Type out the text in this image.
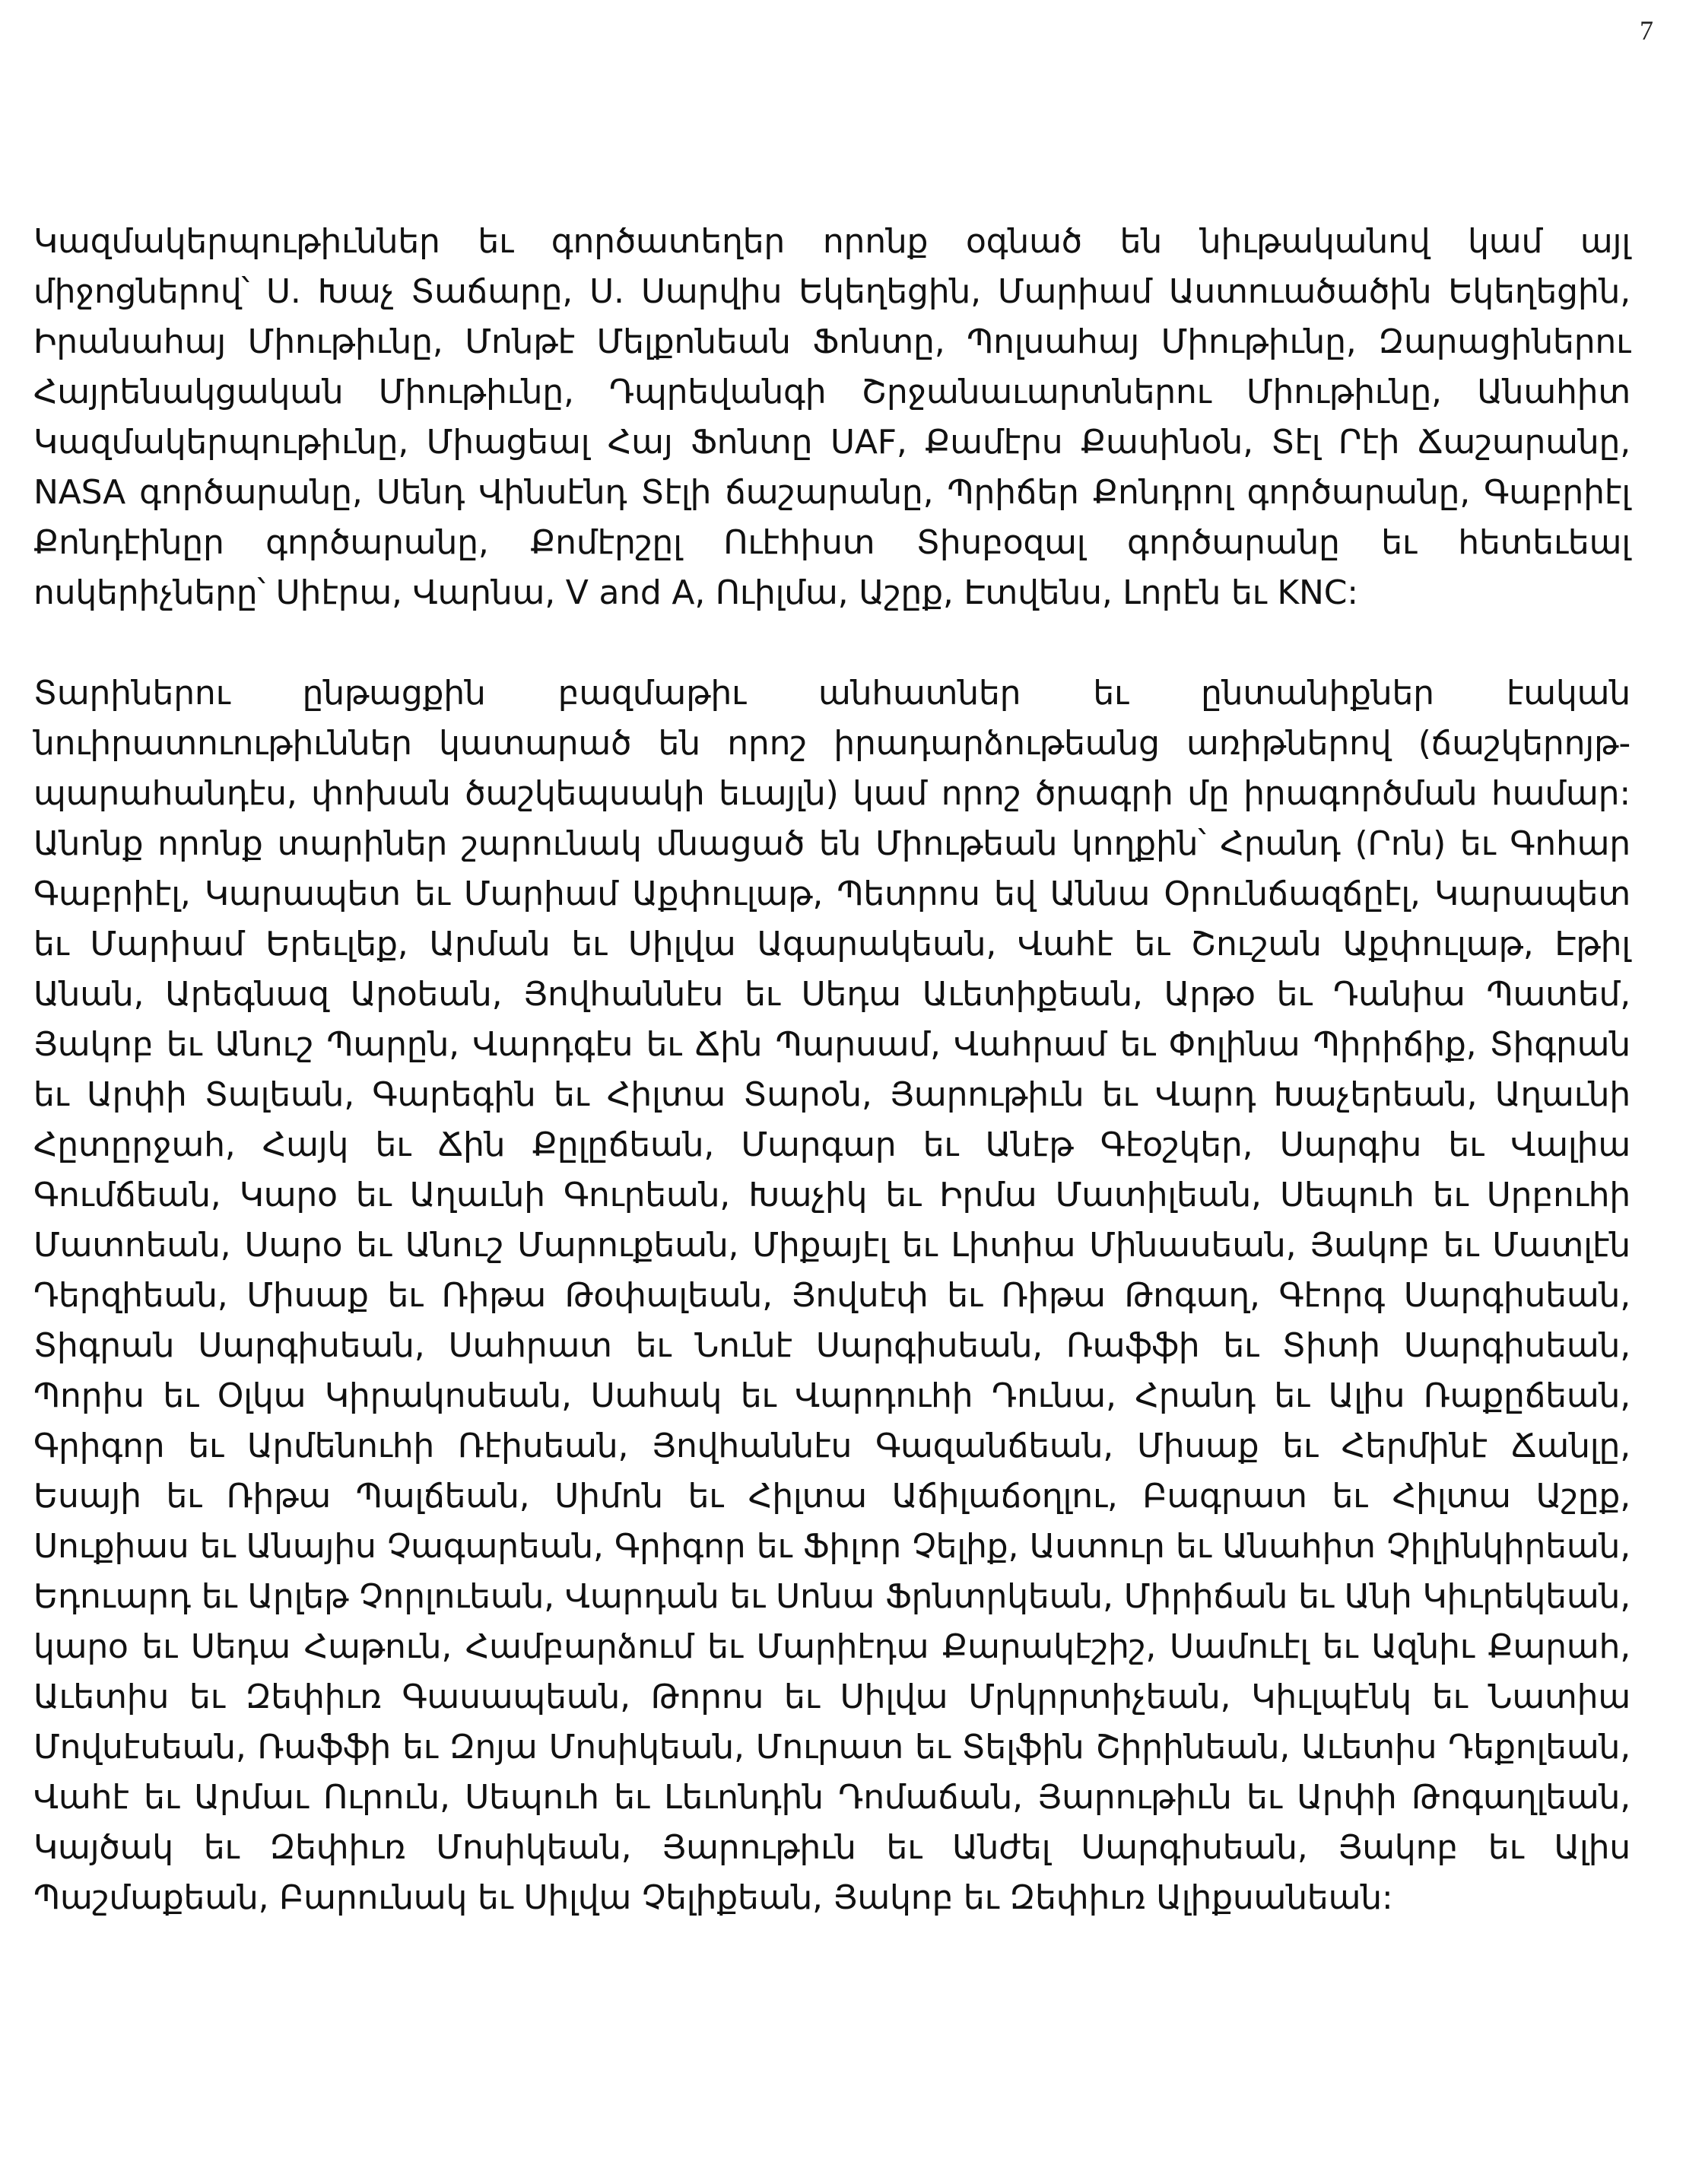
7

Կազմակերպութիւններ եւ գործատեղեր որոնք օգնած են նիւթականով կամ այլ միջոցներով՝ Ս. Խաչ Տաճարը, Ս. Սարվիս Եկեղեցին, Մարիամ Աստուածածին Եկեղեցին, Իրանահայ Միութիւնը, Մոնթէ Մելքոնեան Ֆոնտը, Պոլսահայ Միութիւնը, Զարացիներու Հայրենակցական Միութիւնը, Դպրեվանգի Շրջանաւարտներու Միութիւնը, Անահիտ Կազմակերպութիւնը, Միացեալ Հայ Ֆոնտը UAF, Քամէրս Քասինօն, Տէլ Րէի Ճաշարանը, NASA գործարանը, Սենդ Վինսէնդ Տէլի ճաշարանը, Պրիճեր Քոնդրոլ գործարանը, Գաբրիէլ Քոնդէինըր գործարանը, Քոմէրշըլ Ուէհիստ Տիսբօզալ գործարանը եւ հետեւեալ ոսկերիչները՝ Սիէրա, Վարնա, V and A, Ուիլմա, Աշըք, Էտվենս, Լորէն եւ KNC:

Տարիներու ընթացքին բազմաթիւ անհատներ եւ ընտանիքներ էական նուիրատուութիւններ կատարած են որոշ իրադարձութեանց առիթներով (ճաշկերոյթ-պարահանդէս, փոխան ծաշկեպսակի եւայլն) կամ որոշ ծրագրի մը իրագործման համար: Անոնք որոնք տարիներ շարունակ մնացած են Միութեան կողքին՝ Հրանդ (Րոն) եւ Գոհար Գաբրիէլ, Կարապետ եւ Մարիամ Աքփուլաթ, Պետրոս եվ Աննա Օրունճազճըէլ, Կարապետ եւ Մարիամ Երեւլեք, Արման եւ Սիլվա Ագարակեան, Վահէ եւ Շուշան Աքփուլաթ, Էթիլ Անան, Արեգնազ Արօեան, Յովհաննէս եւ Սեդա Աւետիքեան, Արթօ եւ Դանիա Պատեմ, Յակոբ եւ Անուշ Պարըն, Վարդգէս եւ Ճին Պարսամ, Վահրամ եւ Փոլինա Պիրիճիք, Տիգրան եւ Արփի Տալեան, Գարեգին եւ Հիլտա Տարօն, Յարութիւն եւ Վարդ Խաչերեան, Աղաւնի Հըտըրջահ, Հայկ եւ Ճին Քըլըճեան, Մարգար եւ Անէթ Գէօշկեր, Սարգիս եւ Վալիա Գումճեան, Կարօ եւ Աղաւնի Գուրեան, Խաչիկ եւ Իրմա Մատիլեան, Սեպուհ եւ Սրբուհի Մատոեան, Սարօ եւ Անուշ Մարուքեան, Միքայէլ եւ Լիտիա Մինասեան, Յակոբ եւ Մատլէն Դերզիեան, Միսաք եւ Ռիթա Թօփալեան, Յովսէփ եւ Ռիթա Թոգաղ, Գէորգ Սարգիսեան, Տիգրան Սարգիսեան, Սահրատ եւ Նունէ Սարգիսեան, Ռաֆֆի եւ Տիտի Սարգիսեան, Պորիս եւ Օլկա Կիրակոսեան, Սահակ եւ Վարդուհի Դունա, Հրանդ եւ Ալիս Ռաքըճեան, Գրիգոր եւ Արմենուհի Ռէիսեան, Յովհաննէս Գազանճեան, Միսաք եւ Հերմինէ Ճանլը, Եսայի եւ Ռիթա Պալճեան, Սիմոն եւ Հիլտա Աճիլաճօղլու, Բագրատ եւ Հիլտա Աշըք, Սուքիաս եւ Անայիս Չագարեան, Գրիգոր եւ Ֆիլոր Չելիք, Աստուր եւ Անահիտ Չիլինկիրեան, Եդուարդ եւ Արլեթ Չորլուեան, Վարդան եւ Սոնա Ֆրնտրկեան, Միրիճան եւ Անի Կիւրեկեան, կարօ եւ Սեդա Հաթուն, Համբարձում եւ Մարիէդա Քարակէշիշ, Սամուէլ եւ Ազնիւ Քարահ, Աւետիս եւ Զեփիւռ Գասապեան, Թորոս եւ Սիլվա Մրկրրտիչեան, Կիւլպէնկ եւ Նատիա Մովսէսեան, Ռաֆֆի եւ Զոյա Մոսիկեան, Մուրատ եւ Տելֆին Շիրինեան, Աւետիս Դեքոլեան, Վահէ եւ Արմաւ Ուրուն, Սեպուհ եւ Լեւոնդին Դոմաճան, Յարութիւն եւ Արփի Թոգաղլեան, Կայծակ եւ Զեփիւռ Մոսիկեան, Յարութիւն եւ Անժել Սարգիսեան, Յակոբ եւ Ալիս Պաշմաքեան, Բարունակ եւ Սիլվա Չելիքեան, Յակոբ եւ Զեփիւռ Ալիքսանեան:
